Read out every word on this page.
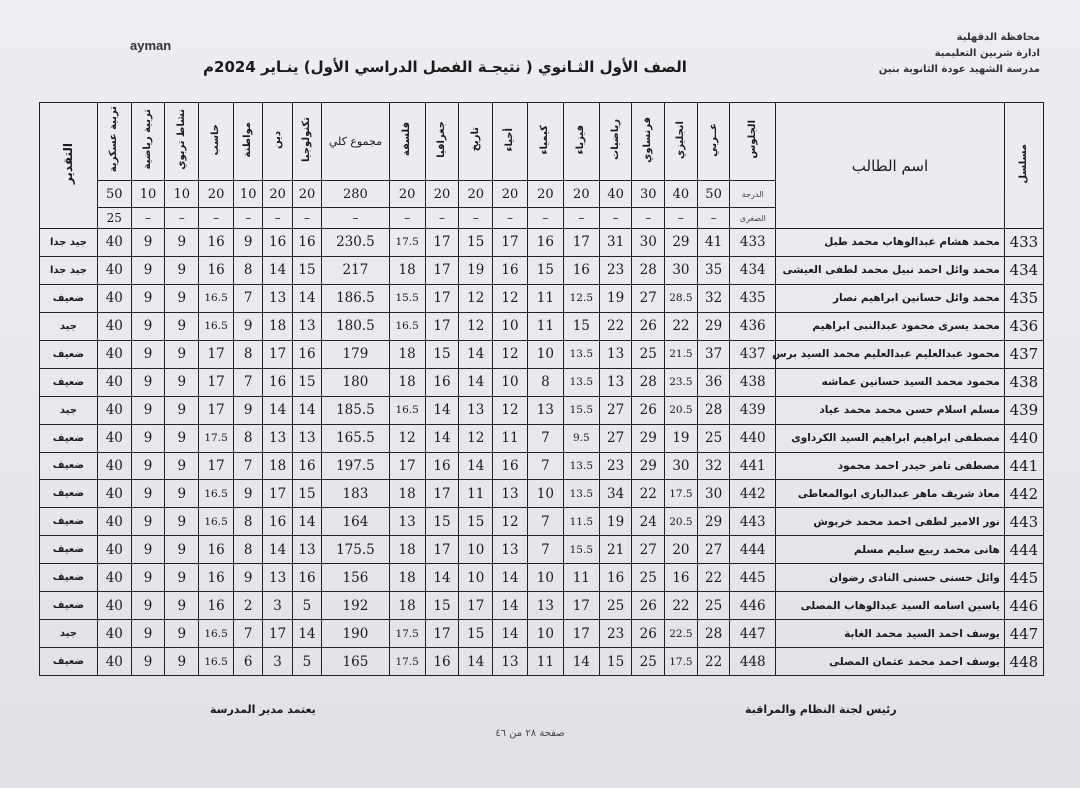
محافظة الدقهلية
ادارة شربين التعليمية
مدرسة الشهيد عودة الثانوية بنين
ayman
الصف الأول الثـانوي ( نتيجـة الفصل الدراسي الأول) ينـاير 2024م
مسلسل	اسم الطالب	الجلوس	عــربي	انجليزي	فرنساوي	رياضيات	فيزياء	كيمياء	أحياء	تاريخ	جغرافيا	فلسفة	مجموع كلي	تكنولوجيا	دين	مواطنة	حاسب	نشاط تربوي	تربية رياضية	تربية عسكرية	التقدير
		الدرجة	50	40	30	40	20	20	20	20	20	20	280	20	20	10	20	10	10	50	
		الصغرى	–	–	–	–	–	–	–	–	–	–	–	–	–	–	–	–	–	25	
433	محمد هشام عبدالوهاب محمد طبل	433	41	29	30	31	17	16	17	15	17	17.5	230.5	16	16	9	16	9	9	40	جيد جدا
434	محمد وائل احمد نبيل محمد لطفى العيشى	434	35	30	28	23	16	15	16	19	17	18	217	15	14	8	16	9	9	40	جيد جدا
435	محمد وائل حسانين ابراهيم نصار	435	32	28.5	27	19	12.5	11	12	12	17	15.5	186.5	14	13	7	16.5	9	9	40	ضعيف
436	محمد يسرى محمود عبدالنبى ابراهيم	436	29	22	26	22	15	11	10	12	17	16.5	180.5	13	18	9	16.5	9	9	40	جيد
437	محمود عبدالعليم عبدالعليم محمد السيد برس	437	37	21.5	25	13	13.5	10	12	14	15	18	179	16	17	8	17	9	9	40	ضعيف
438	محمود محمد السيد حسانين عماشه	438	36	23.5	28	13	13.5	8	10	14	16	18	180	15	16	7	17	9	9	40	ضعيف
439	مسلم اسلام حسن محمد محمد عياد	439	28	20.5	26	27	15.5	13	12	13	14	16.5	185.5	14	14	9	17	9	9	40	جيد
440	مصطفى ابراهيم ابراهيم السيد الكرداوى	440	25	19	29	27	9.5	7	11	12	14	12	165.5	13	13	8	17.5	9	9	40	ضعيف
441	مصطفى تامر حيدر احمد محمود	441	32	30	29	23	13.5	7	16	14	16	17	197.5	16	18	7	17	9	9	40	ضعيف
442	معاذ شريف ماهر عبدالبارى ابوالمعاطى	442	30	17.5	22	34	13.5	10	13	11	17	18	183	15	17	9	16.5	9	9	40	ضعيف
443	نور الامير لطفى احمد محمد خربوش	443	29	20.5	24	19	11.5	7	12	15	15	13	164	14	16	8	16.5	9	9	40	ضعيف
444	هانى محمد ربيع سليم مسلم	444	27	20	27	21	15.5	7	13	10	17	18	175.5	13	14	8	16	9	9	40	ضعيف
445	وائل حسنى حسنى النادى رضوان	445	22	16	25	16	11	10	14	10	14	18	156	16	13	9	16	9	9	40	ضعيف
446	ياسين اسامه السيد عبدالوهاب المصلى	446	25	22	26	25	17	13	14	17	15	18	192	5	3	2	16	9	9	40	ضعيف
447	يوسف احمد السيد محمد الغابة	447	28	22.5	26	23	17	10	14	15	17	17.5	190	14	17	7	16.5	9	9	40	جيد
448	يوسف احمد محمد عثمان المصلى	448	22	17.5	25	15	14	11	13	14	16	17.5	165	5	3	6	16.5	9	9	40	ضعيف
رئيس لجنة النظام والمراقبة
يعتمد مدير المدرسة
صفحة ٢٨ من ٤٦
